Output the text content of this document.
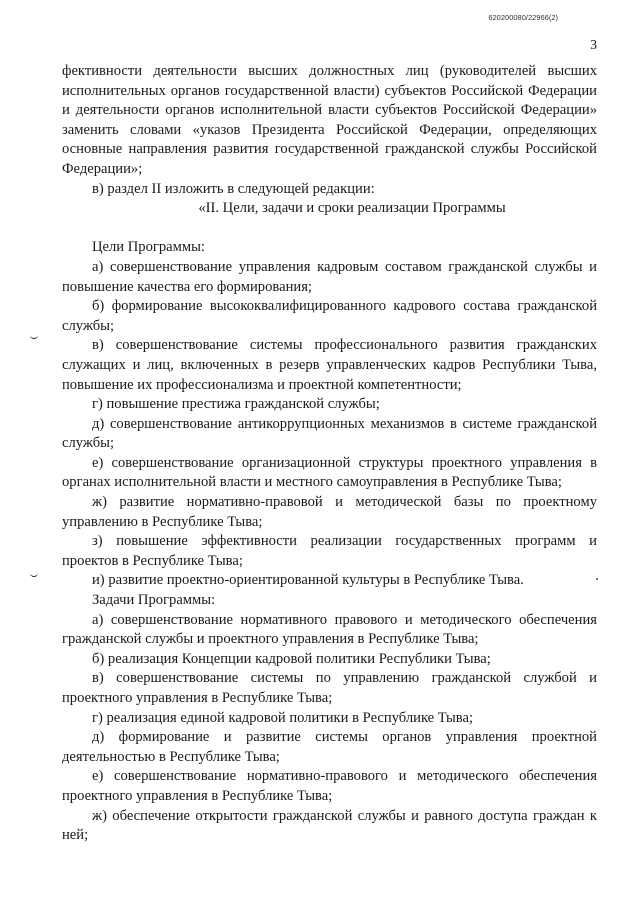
620200080/22966(2)
3

фективности деятельности высших должностных лиц (руководителей высших исполнительных органов государственной власти) субъектов Российской Федерации и деятельности органов исполнительной власти субъектов Российской Федерации» заменить словами «указов Президента Российской Федерации, определяющих основные направления развития государственной гражданской службы Российской Федерации»;

в) раздел II изложить в следующей редакции:

«II. Цели, задачи и сроки реализации Программы

Цели Программы:

а) совершенствование управления кадровым составом гражданской службы и повышение качества его формирования;

б) формирование высококвалифицированного кадрового состава гражданской службы;

в) совершенствование системы профессионального развития гражданских служащих и лиц, включенных в резерв управленческих кадров Республики Тыва, повышение их профессионализма и проектной компетентности;

г) повышение престижа гражданской службы;

д) совершенствование антикоррупционных механизмов в системе гражданской службы;

е) совершенствование организационной структуры проектного управления в органах исполнительной власти и местного самоуправления в Республике Тыва;

ж) развитие нормативно-правовой и методической базы по проектному управлению в Республике Тыва;

з) повышение эффективности реализации государственных программ и проектов в Республике Тыва;

и) развитие проектно-ориентированной культуры в Республике Тыва.

Задачи Программы:

а) совершенствование нормативного правового и методического обеспечения гражданской службы и проектного управления в Республике Тыва;

б) реализация Концепции кадровой политики Республики Тыва;

в) совершенствование системы по управлению гражданской службой и проектного управления в Республике Тыва;

г) реализация единой кадровой политики в Республике Тыва;

д) формирование и развитие системы органов управления проектной деятельностью в Республике Тыва;

е) совершенствование нормативно-правового и методического обеспечения проектного управления в Республике Тыва;

ж) обеспечение открытости гражданской службы и равного доступа граждан к ней;
